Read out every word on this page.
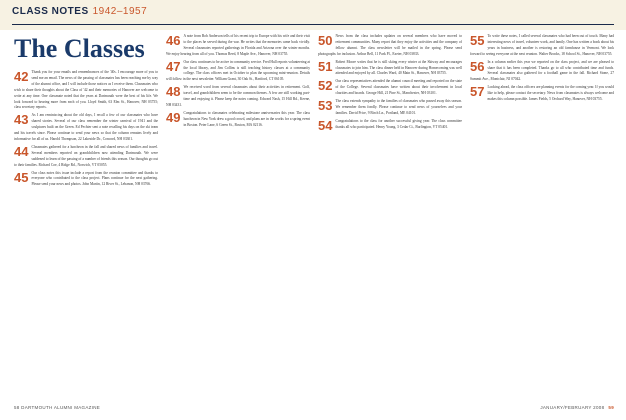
CLASS NOTES 1942–1957
The Classes

42 Thank you for your emails and remembrances of the '40s. I encourage more of you to send me an email. The news of the passing of classmates has been reaching me by way of the alumni office, and I will include those notices as I receive them. Classmates who wish to share their thoughts about the Class of '42 and their memories of Hanover are welcome to write at any time. One classmate noted that the years at Dartmouth were the best of his life. We look forward to hearing more from each of you. Lloyd Smith, 63 Elm St., Hanover, NH 03755; class secretary reports.

43 As I am reminiscing about the old days, I recall a few of our classmates who have shared stories. Several of our class remember the winter carnival of 1941 and the sculptures built on the Green. Ed Pechter sent a note recalling his days on the ski team and his travels since. Please continue to send your news so that the column remains lively and informative for all of us. Harold Thompson, 22 Lakeside Dr., Concord, NH 03301.

44 Classmates gathered for a luncheon in the fall and shared news of families and travel. Several members reported on grandchildren now attending Dartmouth. We were saddened to learn of the passing of a number of friends this season. Our thoughts go out to their families. Richard Coe, 4 Ridge Rd., Norwich, VT 05055.

45 Our class notes this issue include a report from the reunion committee and thanks to everyone who contributed to the class project. Plans continue for the next gathering. Please send your news and photos. John Martin, 12 River St., Lebanon, NH 03766.

46 A note from Bob Anderson tells of his recent trip to Europe with his wife and their visit to the places he served during the war. He writes that the memories came back vividly. Several classmates reported gatherings in Florida and Arizona over the winter months. We enjoy hearing from all of you. Thomas Reed, 8 Maple Ave., Hanover, NH 03755.

47 Our class continues to be active in community service. Fred Hall reports volunteering at the local library, and Jim Collins is still teaching history classes at a community college. The class officers met in October to plan the upcoming mini-reunion. Details will follow in the next newsletter. William Grant, 30 Oak St., Hartford, CT 06105.

48 We received word from several classmates about their activities in retirement. Golf, travel, and grandchildren seem to be the common themes. A few are still working part-time and enjoying it. Please keep the notes coming. Edward Nash, 15 Hill Rd., Keene, NH 03431.

49 Congratulations to classmates celebrating milestone anniversaries this year. The class luncheon in New York drew a good crowd, and plans are in the works for a spring event in Boston. Peter Lane, 6 Green St., Boston, MA 02116.

50 News from the class includes updates on several members who have moved to retirement communities. Many report that they enjoy the activities and the company of fellow alumni. The class newsletter will be mailed in the spring. Please send photographs for inclusion. Arthur Bell, 11 Park Pl., Exeter, NH 03833.

51 Robert Moore writes that he is still skiing every winter at the Skiway and encourages classmates to join him. The class dinner held in Hanover during Homecoming was well attended and enjoyed by all. Charles Ward, 40 Main St., Hanover, NH 03755.

52 Our class representatives attended the alumni council meeting and reported on the state of the College. Several classmates have written about their involvement in local charities and boards. George Hill, 21 Pine St., Manchester, NH 03101.

53 The class extends sympathy to the families of classmates who passed away this season. We remember them fondly. Please continue to send news of yourselves and your families. David Price, 9 Birch Ln., Portland, ME 04101.

54 Congratulations to the class for another successful giving year. The class committee thanks all who participated. Henry Young, 3 Cedar Ct., Burlington, VT 05401.

55 To write these notes, I called several classmates who had been out of touch. Many had interesting news of travel, volunteer work, and family. One has written a book about his years in business, and another is restoring an old farmhouse in Vermont. We look forward to seeing everyone at the next reunion. Walter Brooks, 18 School St., Hanover, NH 03755.

56 In a column earlier this year we reported on the class project, and we are pleased to share that it has been completed. Thanks go to all who contributed time and funds. Several classmates also gathered for a football game in the fall. Richard Stone, 27 Summit Ave., Montclair, NJ 07042.

57 Looking ahead, the class officers are planning events for the coming year. If you would like to help, please contact the secretary. News from classmates is always welcome and makes this column possible. James Fields, 5 Orchard Way, Hanover, NH 03755.

58 DARTMOUTH ALUMNI MAGAZINE	JANUARY/FEBRUARY 2008 59
